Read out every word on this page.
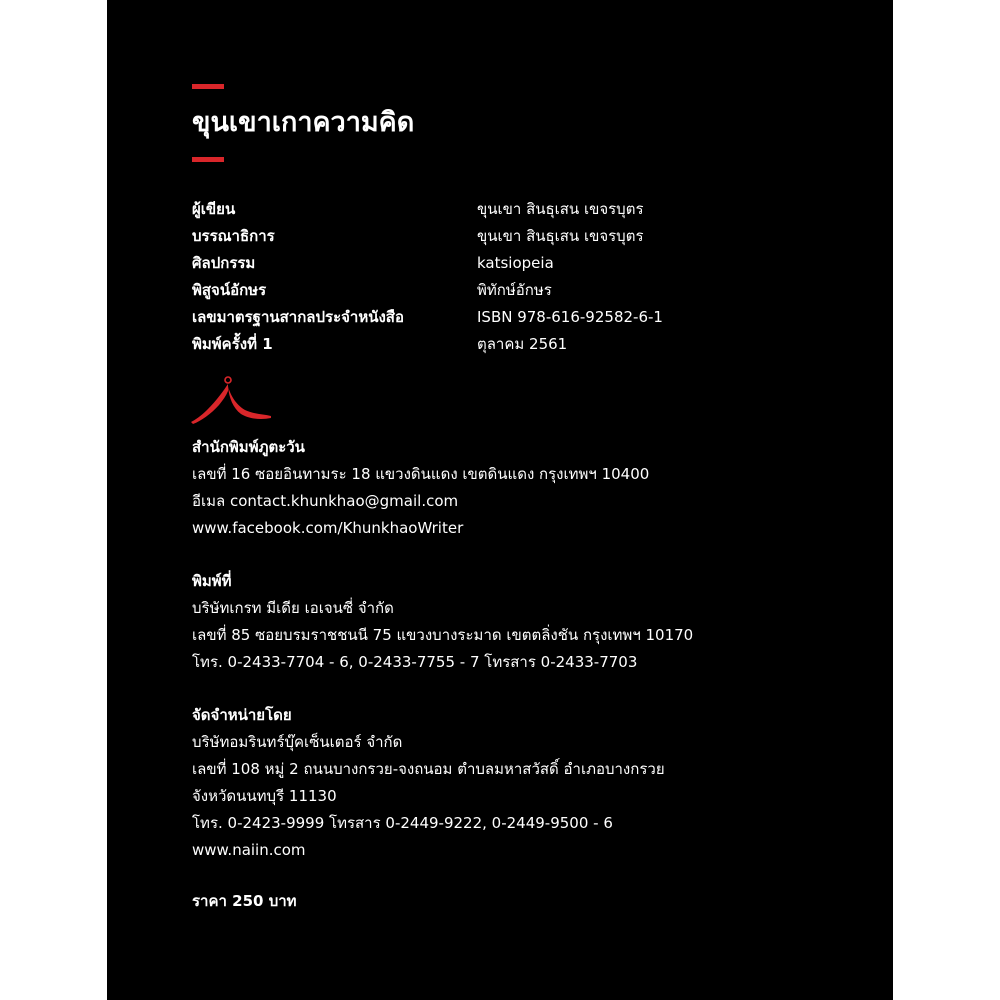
ขุนเขาเกาความคิด
ผู้เขียน	ขุนเขา สินธุเสน เขจรบุตร
บรรณาธิการ	ขุนเขา สินธุเสน เขจรบุตร
ศิลปกรรม	katsiopeia
พิสูจน์อักษร	พิทักษ์อักษร
เลขมาตรฐานสากลประจำหนังสือ	ISBN 978-616-92582-6-1
พิมพ์ครั้งที่ 1	ตุลาคม 2561
สำนักพิมพ์ภูตะวัน
เลขที่ 16 ซอยอินทามระ 18 แขวงดินแดง เขตดินแดง กรุงเทพฯ 10400
อีเมล contact.khunkhao@gmail.com
www.facebook.com/KhunkhaoWriter
พิมพ์ที่
บริษัทเกรท มีเดีย เอเจนซี่ จำกัด
เลขที่ 85 ซอยบรมราชชนนี 75 แขวงบางระมาด เขตตลิ่งชัน กรุงเทพฯ 10170
โทร. 0-2433-7704 - 6, 0-2433-7755 - 7 โทรสาร 0-2433-7703
จัดจำหน่ายโดย
บริษัทอมรินทร์บุ๊คเซ็นเตอร์ จำกัด
เลขที่ 108 หมู่ 2 ถนนบางกรวย-จงถนอม ตำบลมหาสวัสดิ์ อำเภอบางกรวย
จังหวัดนนทบุรี 11130
โทร. 0-2423-9999 โทรสาร 0-2449-9222, 0-2449-9500 - 6
www.naiin.com
ราคา 250 บาท
